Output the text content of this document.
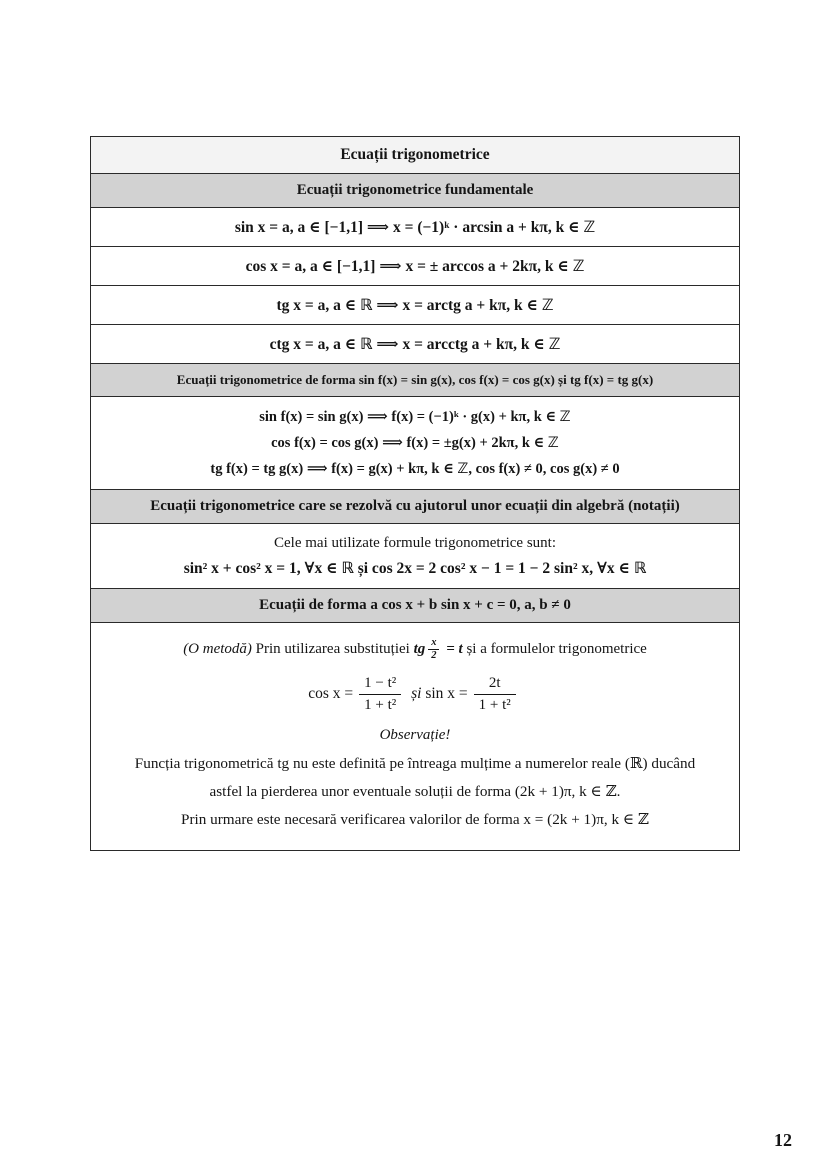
Ecuații trigonometrice
Ecuații trigonometrice fundamentale
sin x = a, a ∈ [−1,1] ⟹ x = (−1)ᵏ · arcsin a + kπ, k ∈ ℤ
cos x = a, a ∈ [−1,1] ⟹ x = ± arccos a + 2kπ, k ∈ ℤ
tg x = a, a ∈ ℝ ⟹ x = arctg a + kπ, k ∈ ℤ
ctg x = a, a ∈ ℝ ⟹ x = arcctg a + kπ, k ∈ ℤ
Ecuații trigonometrice de forma sin f(x) = sin g(x), cos f(x) = cos g(x) și tg f(x) = tg g(x)
sin f(x) = sin g(x) ⟹ f(x) = (−1)ᵏ · g(x) + kπ, k ∈ ℤ
cos f(x) = cos g(x) ⟹ f(x) = ±g(x) + 2kπ, k ∈ ℤ
tg f(x) = tg g(x) ⟹ f(x) = g(x) + kπ, k ∈ ℤ, cos f(x) ≠ 0, cos g(x) ≠ 0
Ecuații trigonometrice care se rezolvă cu ajutorul unor ecuații din algebră (notații)
Cele mai utilizate formule trigonometrice sunt:
sin² x + cos² x = 1, ∀x ∈ ℝ și cos 2x = 2 cos² x − 1 = 1 − 2 sin² x, ∀x ∈ ℝ
Ecuații de forma a cos x + b sin x + c = 0, a, b ≠ 0
(O metodă) Prin utilizarea substituției tg $\frac{x}{2} = t$ și a formulelor trigonometrice
$\cos x = \frac{\text{1 − t²}}{\text{1 + t²}}$ și $\sin x = \frac{2t}{\text{1 + t²}}$
Observație!
Funcția trigonometrică tg nu este definită pe întreaga mulțime a numerelor reale (ℝ) ducând
astfel la pierderea unor eventuale soluții de forma (2k + 1)π, k ∈ ℤ.
Prin urmare este necesară verificarea valorilor de forma x = (2k + 1)π, k ∈ ℤ
12
